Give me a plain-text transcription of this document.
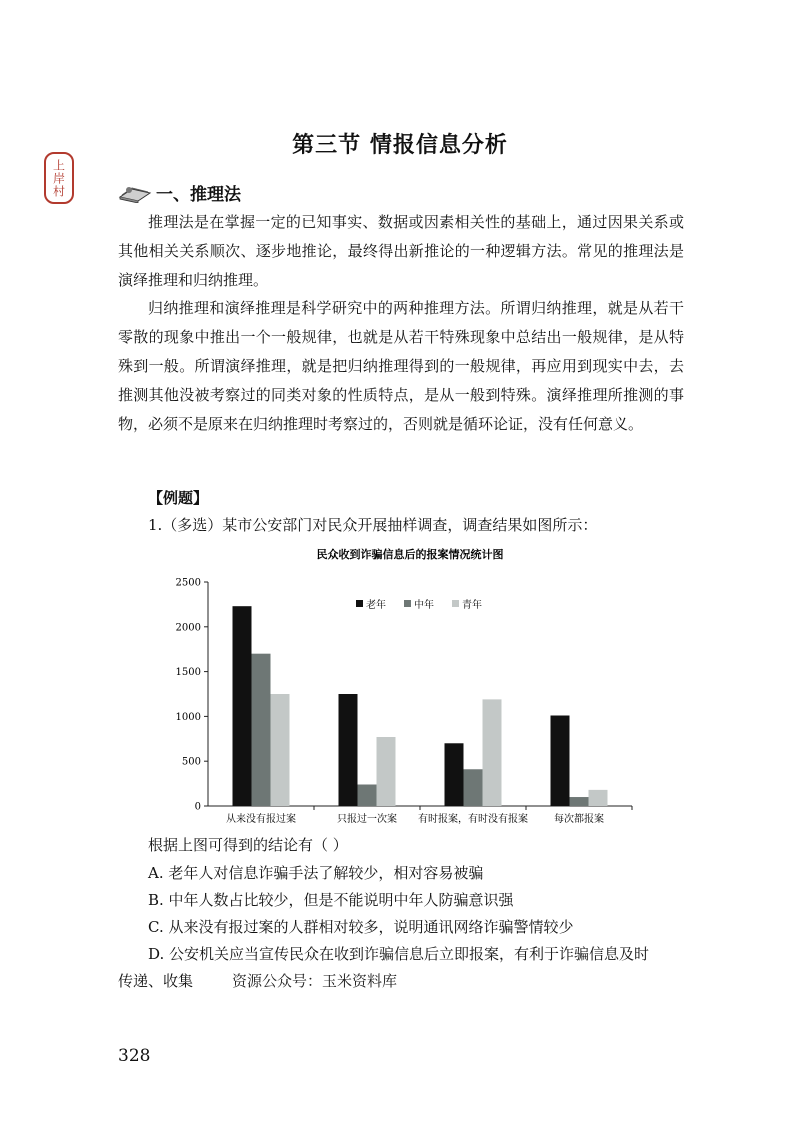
上岸村
第三节 情报信息分析
一、推理法

推理法是在掌握一定的已知事实、数据或因素相关性的基础上，通过因果关系或其他相关关系顺次、逐步地推论，最终得出新推论的一种逻辑方法。常见的推理法是演绎推理和归纳推理。

归纳推理和演绎推理是科学研究中的两种推理方法。所谓归纳推理，就是从若干零散的现象中推出一个一般规律，也就是从若干特殊现象中总结出一般规律，是从特殊到一般。所谓演绎推理，就是把归纳推理得到的一般规律，再应用到现实中去，去推测其他没被考察过的同类对象的性质特点，是从一般到特殊。演绎推理所推测的事物，必须不是原来在归纳推理时考察过的，否则就是循环论证，没有任何意义。

【例题】
1.（多选）某市公安部门对民众开展抽样调查，调查结果如图所示：
民众收到诈骗信息后的报案情况统计图
0
500
1000
1500
2000
2500
从来没有报过案	只报过一次案 有时报案，有时没有报案	每次都报案
老年	中年	青年
根据上图可得到的结论有（ ）
A. 老年人对信息诈骗手法了解较少，相对容易被骗
B. 中年人数占比较少，但是不能说明中年人防骗意识强
C. 从来没有报过案的人群相对较多，说明通讯网络诈骗警情较少
D. 公安机关应当宣传民众在收到诈骗信息后立即报案，有利于诈骗信息及时
传递、收集	资源公众号：玉米资料库
328
